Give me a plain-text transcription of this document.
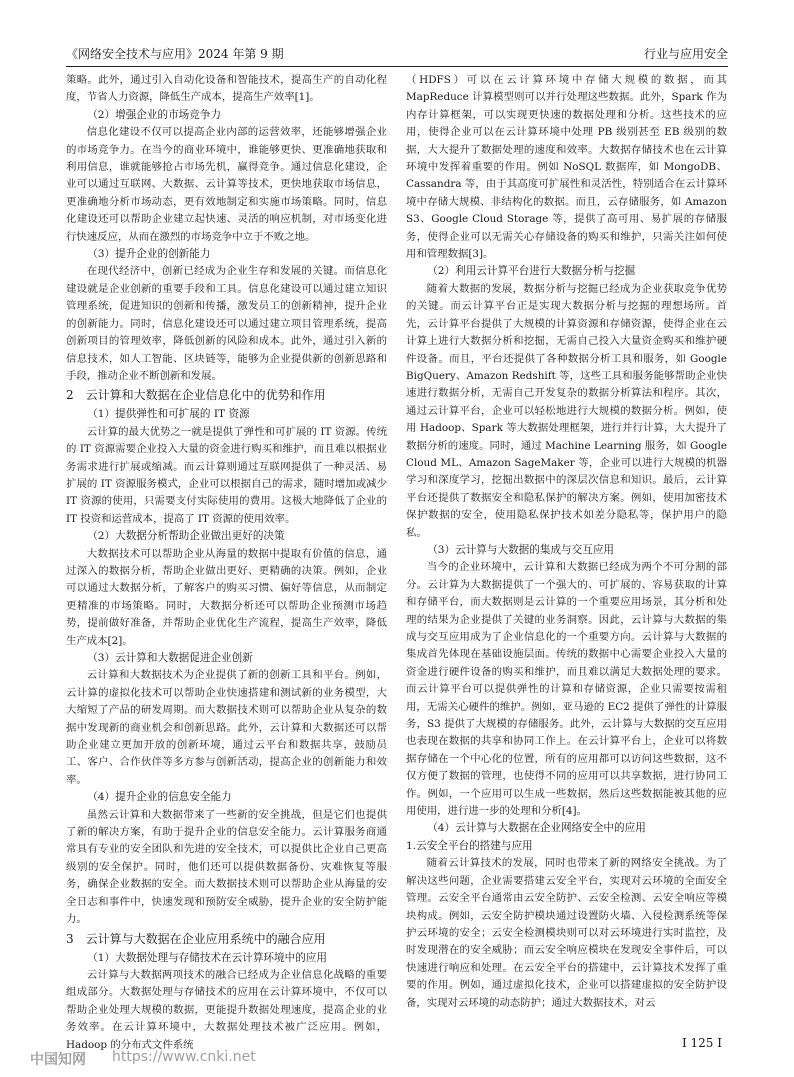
《网络安全技术与应用》2024 年第 9 期	行业与应用安全

策略。此外，通过引入自动化设备和智能技术，提高生产的自动化程度，节省人力资源，降低生产成本，提高生产效率[1]。

（2）增强企业的市场竞争力

信息化建设不仅可以提高企业内部的运营效率，还能够增强企业的市场竞争力。在当今的商业环境中，谁能够更快、更准确地获取和利用信息，谁就能够抢占市场先机，赢得竞争。通过信息化建设，企业可以通过互联网、大数据、云计算等技术，更快地获取市场信息，更准确地分析市场动态，更有效地制定和实施市场策略。同时，信息化建设还可以帮助企业建立起快速、灵活的响应机制，对市场变化进行快速反应，从而在激烈的市场竞争中立于不败之地。

（3）提升企业的创新能力

在现代经济中，创新已经成为企业生存和发展的关键。而信息化建设就是企业创新的重要手段和工具。信息化建设可以通过建立知识管理系统，促进知识的创新和传播，激发员工的创新精神，提升企业的创新能力。同时，信息化建设还可以通过建立项目管理系统，提高创新项目的管理效率，降低创新的风险和成本。此外，通过引入新的信息技术，如人工智能、区块链等，能够为企业提供新的创新思路和手段，推动企业不断创新和发展。

2　云计算和大数据在企业信息化中的优势和作用
（1）提供弹性和可扩展的 IT 资源

云计算的最大优势之一就是提供了弹性和可扩展的 IT 资源。传统的 IT 资源需要企业投入大量的资金进行购买和维护，而且难以根据业务需求进行扩展或缩减。而云计算则通过互联网提供了一种灵活、易扩展的 IT 资源服务模式，企业可以根据自己的需求，随时增加或减少 IT 资源的使用，只需要支付实际使用的费用。这极大地降低了企业的 IT 投资和运营成本，提高了 IT 资源的使用效率。

（2）大数据分析帮助企业做出更好的决策

大数据技术可以帮助企业从海量的数据中提取有价值的信息，通过深入的数据分析，帮助企业做出更好、更精确的决策。例如，企业可以通过大数据分析，了解客户的购买习惯、偏好等信息，从而制定更精准的市场策略。同时，大数据分析还可以帮助企业预测市场趋势，提前做好准备，并帮助企业优化生产流程，提高生产效率，降低生产成本[2]。

（3）云计算和大数据促进企业创新

云计算和大数据技术为企业提供了新的创新工具和平台。例如，云计算的虚拟化技术可以帮助企业快速搭建和测试新的业务模型，大大缩短了产品的研发周期。而大数据技术则可以帮助企业从复杂的数据中发现新的商业机会和创新思路。此外，云计算和大数据还可以帮助企业建立更加开放的创新环境，通过云平台和数据共享，鼓励员工、客户、合作伙伴等多方参与创新活动，提高企业的创新能力和效率。

（4）提升企业的信息安全能力

虽然云计算和大数据带来了一些新的安全挑战，但是它们也提供了新的解决方案，有助于提升企业的信息安全能力。云计算服务商通常具有专业的安全团队和先进的安全技术，可以提供比企业自己更高级别的安全保护。同时，他们还可以提供数据备份、灾难恢复等服务，确保企业数据的安全。而大数据技术则可以帮助企业从海量的安全日志和事件中，快速发现和预防安全威胁，提升企业的安全防护能力。

3　云计算与大数据在企业应用系统中的融合应用
（1）大数据处理与存储技术在云计算环境中的应用

云计算与大数据两项技术的融合已经成为企业信息化战略的重要组成部分。大数据处理与存储技术的应用在云计算环境中，不仅可以帮助企业处理大规模的数据，更能提升数据处理速度，提高企业的业务效率。在云计算环境中，大数据处理技术被广泛应用。例如，Hadoop 的分布式文件系统

（HDFS）可以在云计算环境中存储大规模的数据，而其 MapReduce 计算模型则可以并行处理这些数据。此外，Spark 作为内存计算框架，可以实现更快速的数据处理和分析。这些技术的应用，使得企业可以在云计算环境中处理 PB 级别甚至 EB 级别的数据，大大提升了数据处理的速度和效率。大数据存储技术也在云计算环境中发挥着重要的作用。例如 NoSQL 数据库，如 MongoDB、Cassandra 等，由于其高度可扩展性和灵活性，特别适合在云计算环境中存储大规模、非结构化的数据。而且，云存储服务，如 Amazon S3、Google Cloud Storage 等，提供了高可用、易扩展的存储服务，使得企业可以无需关心存储设备的购买和维护，只需关注如何使用和管理数据[3]。

（2）利用云计算平台进行大数据分析与挖掘

随着大数据的发展，数据分析与挖掘已经成为企业获取竞争优势的关键。而云计算平台正是实现大数据分析与挖掘的理想场所。首先，云计算平台提供了大规模的计算资源和存储资源，使得企业在云计算上进行大数据分析和挖掘，无需自己投入大量资金购买和维护硬件设备。而且，平台还提供了各种数据分析工具和服务，如 Google BigQuery、Amazon Redshift 等，这些工具和服务能够帮助企业快速进行数据分析，无需自己开发复杂的数据分析算法和程序。其次，通过云计算平台，企业可以轻松地进行大规模的数据分析。例如，使用 Hadoop、Spark 等大数据处理框架，进行并行计算，大大提升了数据分析的速度。同时，通过 Machine Learning 服务，如 Google Cloud ML、Amazon SageMaker 等，企业可以进行大规模的机器学习和深度学习，挖掘出数据中的深层次信息和知识。最后，云计算平台还提供了数据安全和隐私保护的解决方案。例如，使用加密技术保护数据的安全，使用隐私保护技术如差分隐私等，保护用户的隐私。

（3）云计算与大数据的集成与交互应用

当今的企业环境中，云计算和大数据已经成为两个不可分割的部分。云计算为大数据提供了一个强大的、可扩展的、容易获取的计算和存储平台，而大数据则是云计算的一个重要应用场景，其分析和处理的结果为企业提供了关键的业务洞察。因此，云计算与大数据的集成与交互应用成为了企业信息化的一个重要方向。云计算与大数据的集成首先体现在基础设施层面。传统的数据中心需要企业投入大量的资金进行硬件设备的购买和维护，而且难以满足大数据处理的要求。而云计算平台可以提供弹性的计算和存储资源，企业只需要按需租用，无需关心硬件的维护。例如，亚马逊的 EC2 提供了弹性的计算服务，S3 提供了大规模的存储服务。此外，云计算与大数据的交互应用也表现在数据的共享和协同工作上。在云计算平台上，企业可以将数据存储在一个中心化的位置，所有的应用都可以访问这些数据，这不仅方便了数据的管理，也使得不同的应用可以共享数据，进行协同工作。例如，一个应用可以生成一些数据，然后这些数据能被其他的应用使用，进行进一步的处理和分析[4]。

（4）云计算与大数据在企业网络安全中的应用
1.云安全平台的搭建与应用

随着云计算技术的发展，同时也带来了新的网络安全挑战。为了解决这些问题，企业需要搭建云安全平台，实现对云环境的全面安全管理。云安全平台通常由云安全防护、云安全检测、云安全响应等模块构成。例如，云安全防护模块通过设置防火墙、入侵检测系统等保护云环境的安全；云安全检测模块则可以对云环境进行实时监控，及时发现潜在的安全威胁；而云安全响应模块在发现安全事件后，可以快速进行响应和处理。在云安全平台的搭建中，云计算技术发挥了重要的作用。例如，通过虚拟化技术，企业可以搭建虚拟的安全防护设备，实现对云环境的动态防护；通过大数据技术，对云

I 125 I
中国知网 https://www.cnki.net
